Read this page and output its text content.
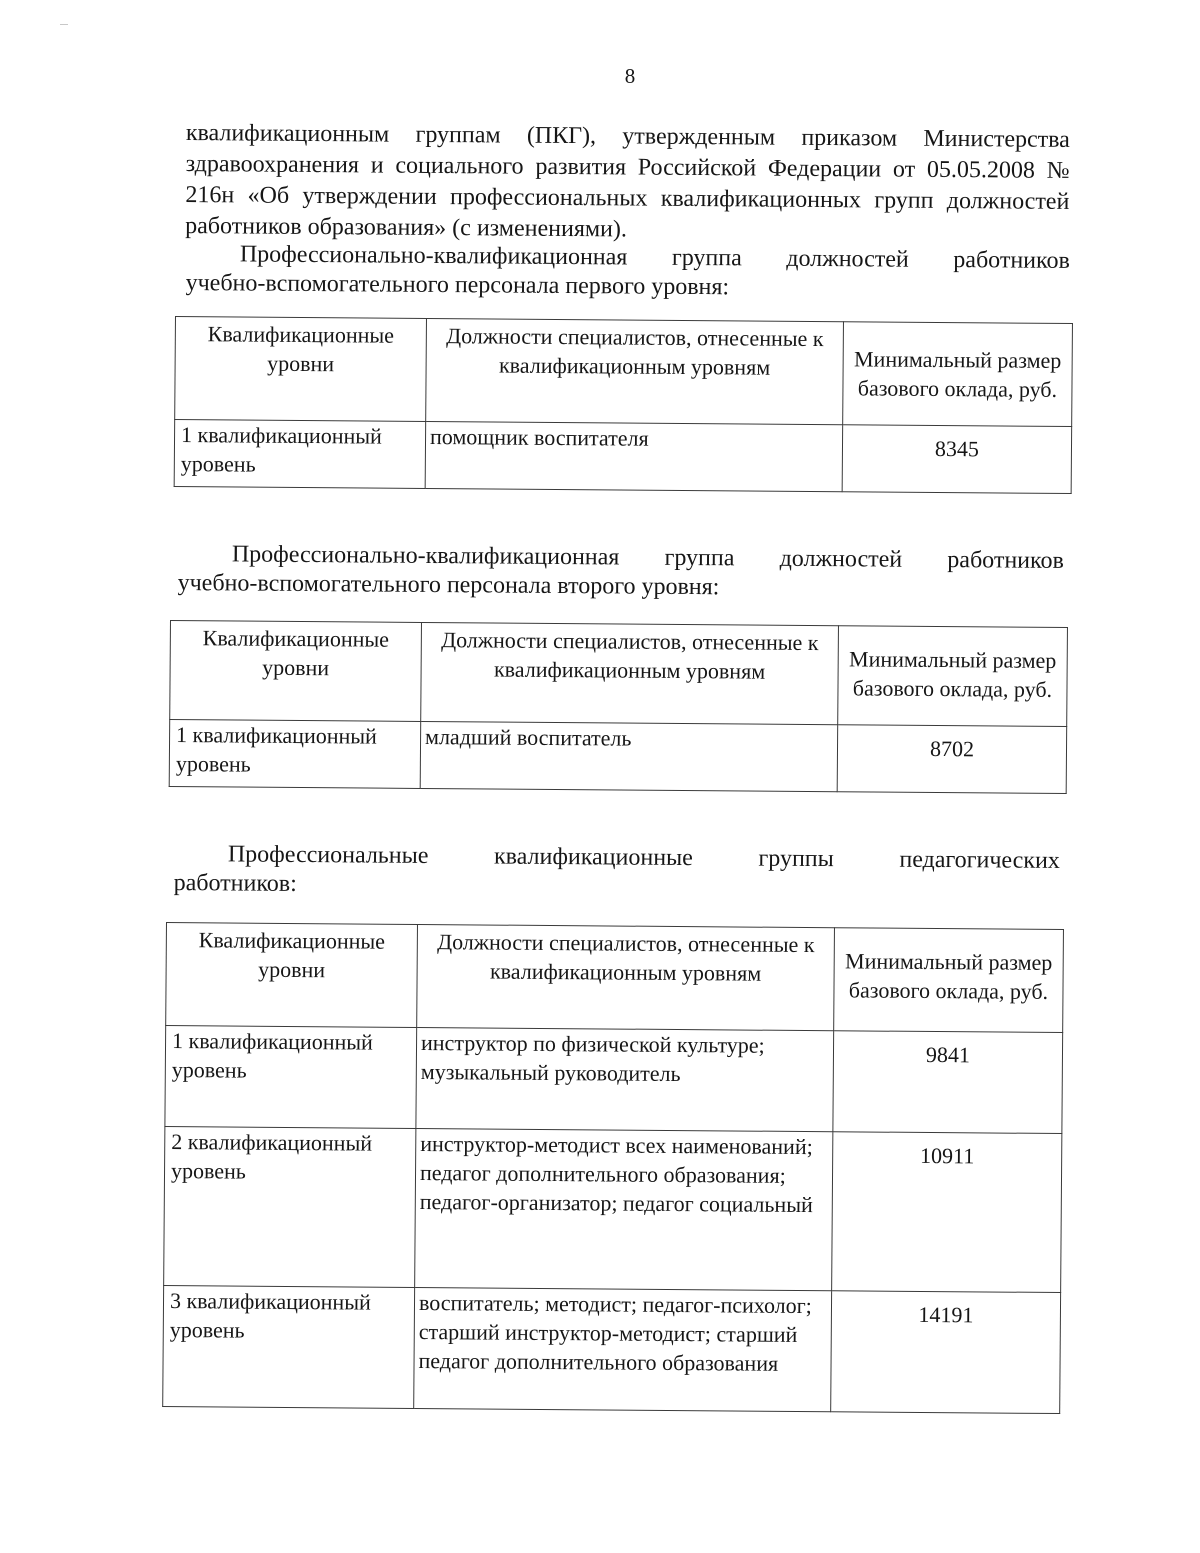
8

квалификационным группам (ПКГ), утвержденным приказом Министерства здравоохранения и социального развития Российской Федерации от 05.05.2008 № 216н «Об утверждении профессиональных квалификационных групп должностей работников образования» (с изменениями).

Профессионально-квалификационная группа должностей работников

учебно-вспомогательного персонала первого уровня:

Квалификационные уровни	Должности специалистов, отнесенные к квалификационным уровням	Минимальный размер базового оклада, руб.
1 квалификационный уровень	помощник воспитателя	8345

Профессионально-квалификационная группа должностей работников

учебно-вспомогательного персонала второго уровня:

Квалификационные уровни	Должности специалистов, отнесенные к квалификационным уровням	Минимальный размер базового оклада, руб.
1 квалификационный уровень	младший воспитатель	8702

Профессиональные квалификационные группы педагогических

работников:

Квалификационные уровни	Должности специалистов, отнесенные к квалификационным уровням	Минимальный размер базового оклада, руб.
1 квалификационный уровень	инструктор по физической культуре; музыкальный руководитель	9841
2 квалификационный уровень	инструктор-методист всех наименований; педагог дополнительного образования; педагог-организатор; педагог социальный	10911
3 квалификационный уровень	воспитатель; методист; педагог-психолог; старший инструктор-методист; старший педагог дополнительного образования	14191
